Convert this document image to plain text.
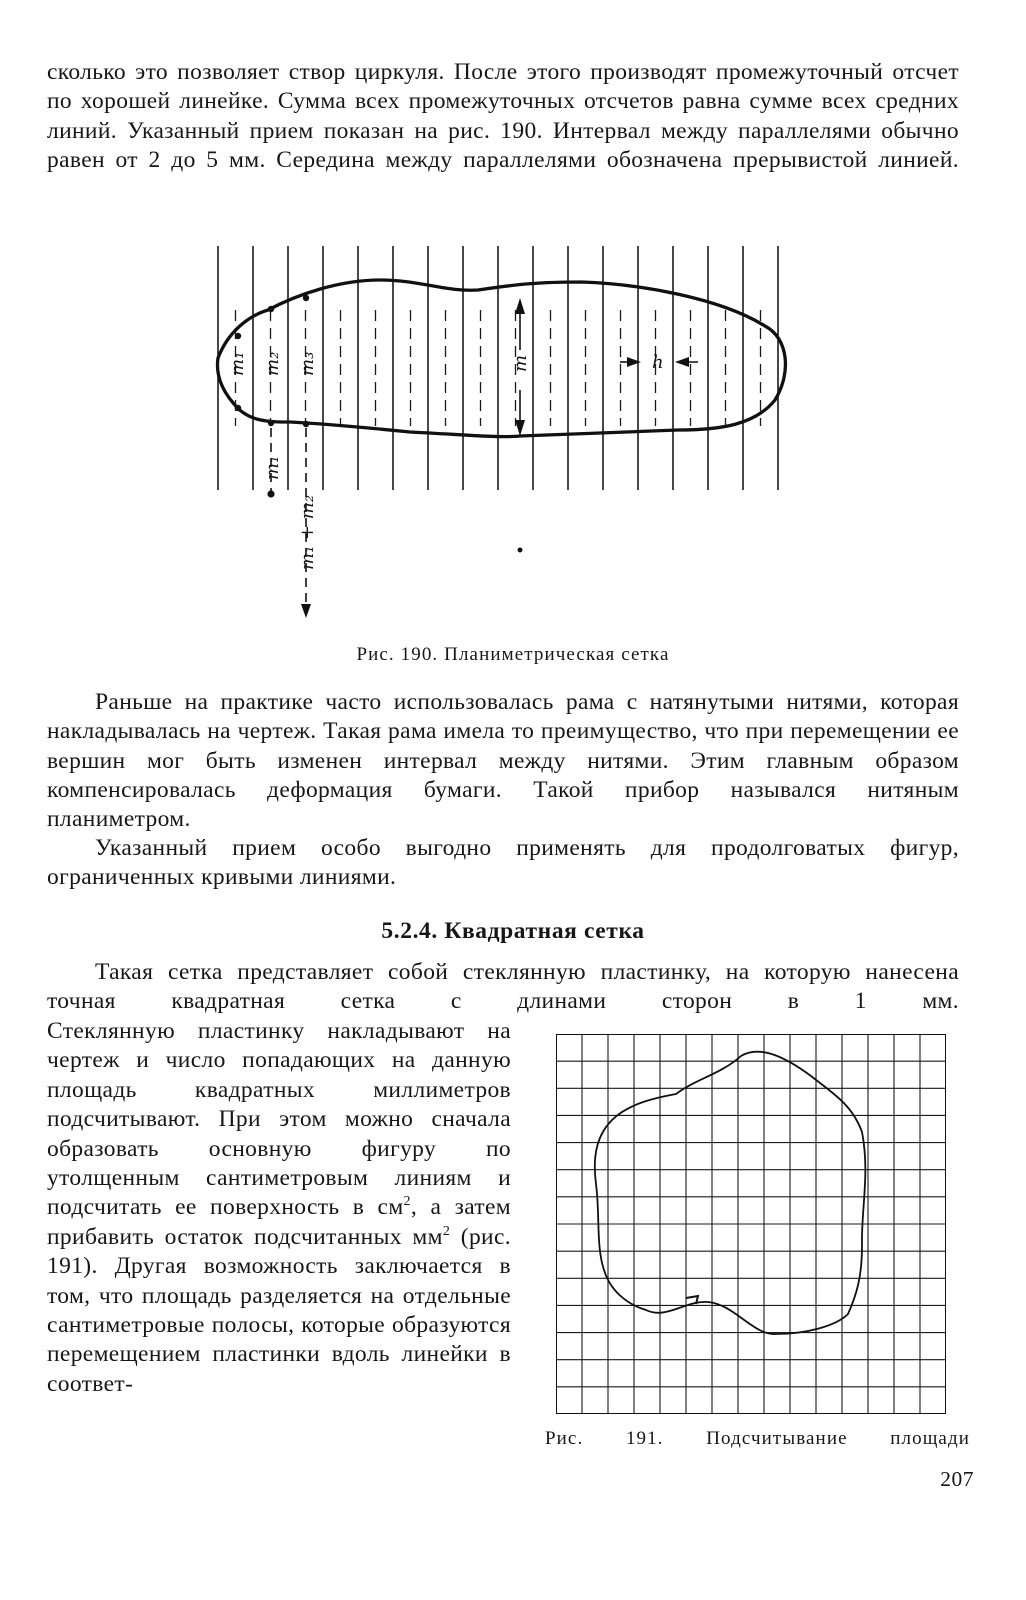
сколько это позволяет створ циркуля. После этого производят промежуточный отсчет по хорошей линейке. Сумма всех промежуточных отсчетов равна сумме всех средних линий. Указанный прием показан на рис. 190. Интервал между параллелями обычно равен от 2 до 5 мм. Середина между параллелями обозначена прерывистой линией.

m₁ m₂ m₃	m	h
m₁
m₁ + m₂
Рис. 190. Планиметрическая сетка

Раньше на практике часто использовалась рама с натянутыми нитями, которая накладывалась на чертеж. Такая рама имела то преимущество, что при перемещении ее вершин мог быть изменен интервал между нитями. Этим главным образом компенсировалась деформация бумаги. Такой прибор назывался нитяным планиметром.

Указанный прием особо выгодно применять для продолговатых фигур, ограниченных кривыми линиями.

5.2.4. Квадратная сетка

Такая сетка представляет собой стеклянную пластинку, на которую нанесена точная квадратная сетка с длинами сторон в 1 мм.

Стеклянную пластинку накладывают на чертеж и число попадающих на данную площадь квадратных миллиметров подсчитывают. При этом можно сначала образовать основную фигуру по утолщенным сантиметровым линиям и подсчитать ее поверхность в $см^2$, а затем прибавить остаток подсчитанных $мм^2$ (рис. 191). Другая возможность заключается в том, что площадь разделяется на отдельные сантиметровые полосы, которые образуются перемещением пластинки вдоль линейки в соответ-

Рис. 191. Подсчитывание площади
207
